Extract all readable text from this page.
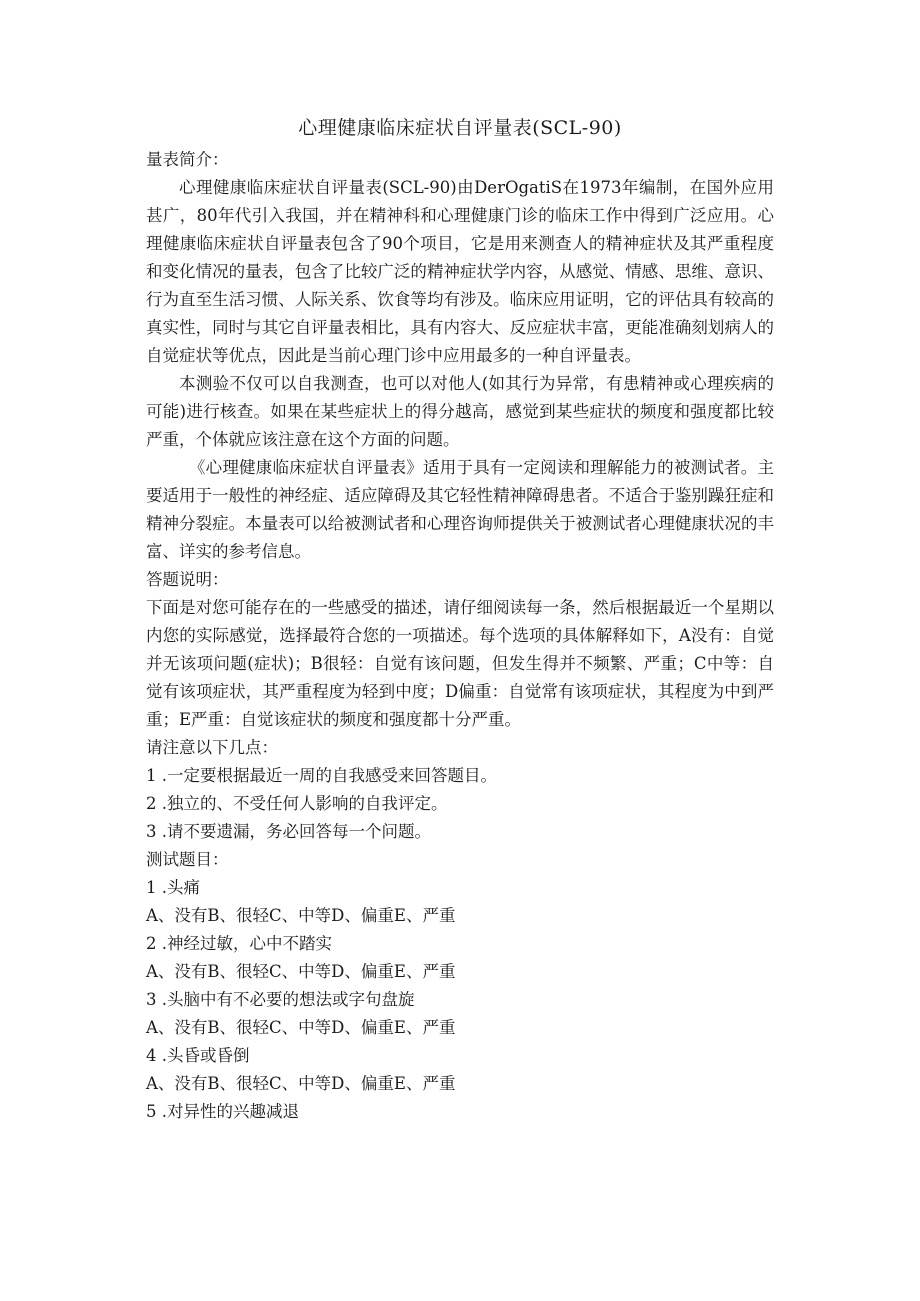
心理健康临床症状自评量表(SCL-90)

量表简介：

心理健康临床症状自评量表(SCL-90)由DerOgatiS在1973年编制，在国外应用甚广，80年代引入我国，并在精神科和心理健康门诊的临床工作中得到广泛应用。心理健康临床症状自评量表包含了90个项目，它是用来测查人的精神症状及其严重程度和变化情况的量表，包含了比较广泛的精神症状学内容，从感觉、情感、思维、意识、行为直至生活习惯、人际关系、饮食等均有涉及。临床应用证明，它的评估具有较高的真实性，同时与其它自评量表相比，具有内容大、反应症状丰富，更能准确刻划病人的自觉症状等优点，因此是当前心理门诊中应用最多的一种自评量表。

本测验不仅可以自我测查，也可以对他人(如其行为异常，有患精神或心理疾病的可能)进行核查。如果在某些症状上的得分越高，感觉到某些症状的频度和强度都比较严重，个体就应该注意在这个方面的问题。

《心理健康临床症状自评量表》适用于具有一定阅读和理解能力的被测试者。主要适用于一般性的神经症、适应障碍及其它轻性精神障碍患者。不适合于鉴别躁狂症和精神分裂症。本量表可以给被测试者和心理咨询师提供关于被测试者心理健康状况的丰富、详实的参考信息。

答题说明：

下面是对您可能存在的一些感受的描述，请仔细阅读每一条，然后根据最近一个星期以内您的实际感觉，选择最符合您的一项描述。每个选项的具体解释如下，A没有：自觉并无该项问题(症状)；B很轻：自觉有该问题，但发生得并不频繁、严重；C中等：自觉有该项症状，其严重程度为轻到中度；D偏重：自觉常有该项症状，其程度为中到严重；E严重：自觉该症状的频度和强度都十分严重。

请注意以下几点：

1 .一定要根据最近一周的自我感受来回答题目。

2 .独立的、不受任何人影响的自我评定。

3 .请不要遗漏，务必回答每一个问题。

测试题目：

1 .头痛

A、没有B、很轻C、中等D、偏重E、严重

2 .神经过敏，心中不踏实

A、没有B、很轻C、中等D、偏重E、严重

3 .头脑中有不必要的想法或字句盘旋

A、没有B、很轻C、中等D、偏重E、严重

4 .头昏或昏倒

A、没有B、很轻C、中等D、偏重E、严重

5 .对异性的兴趣减退
